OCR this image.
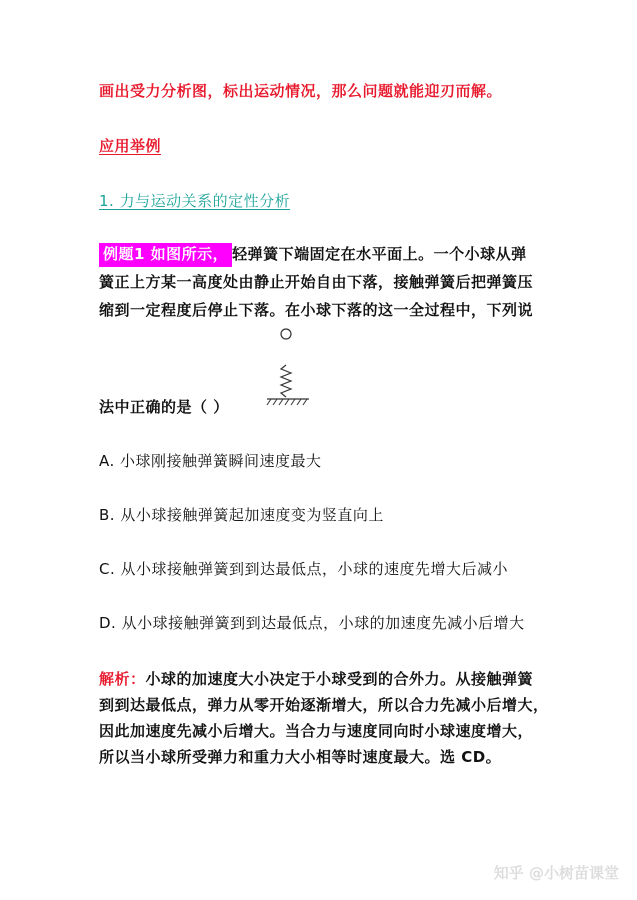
画出受力分析图，标出运动情况，那么问题就能迎刃而解。
应用举例
1. 力与运动关系的定性分析
例题1 如图所示， 轻弹簧下端固定在水平面上。一个小球从弹
簧正上方某一高度处由静止开始自由下落，接触弹簧后把弹簧压
缩到一定程度后停止下落。在小球下落的这一全过程中，下列说
法中正确的是（ ）
A. 小球刚接触弹簧瞬间速度最大
B. 从小球接触弹簧起加速度变为竖直向上
C. 从小球接触弹簧到到达最低点，小球的速度先增大后减小
D. 从小球接触弹簧到到达最低点，小球的加速度先减小后增大
解析：小球的加速度大小决定于小球受到的合外力。从接触弹簧
到到达最低点，弹力从零开始逐渐增大，所以合力先减小后增大，
因此加速度先减小后增大。当合力与速度同向时小球速度增大，
所以当小球所受弹力和重力大小相等时速度最大。选 CD。
知乎 @小树苗课堂
